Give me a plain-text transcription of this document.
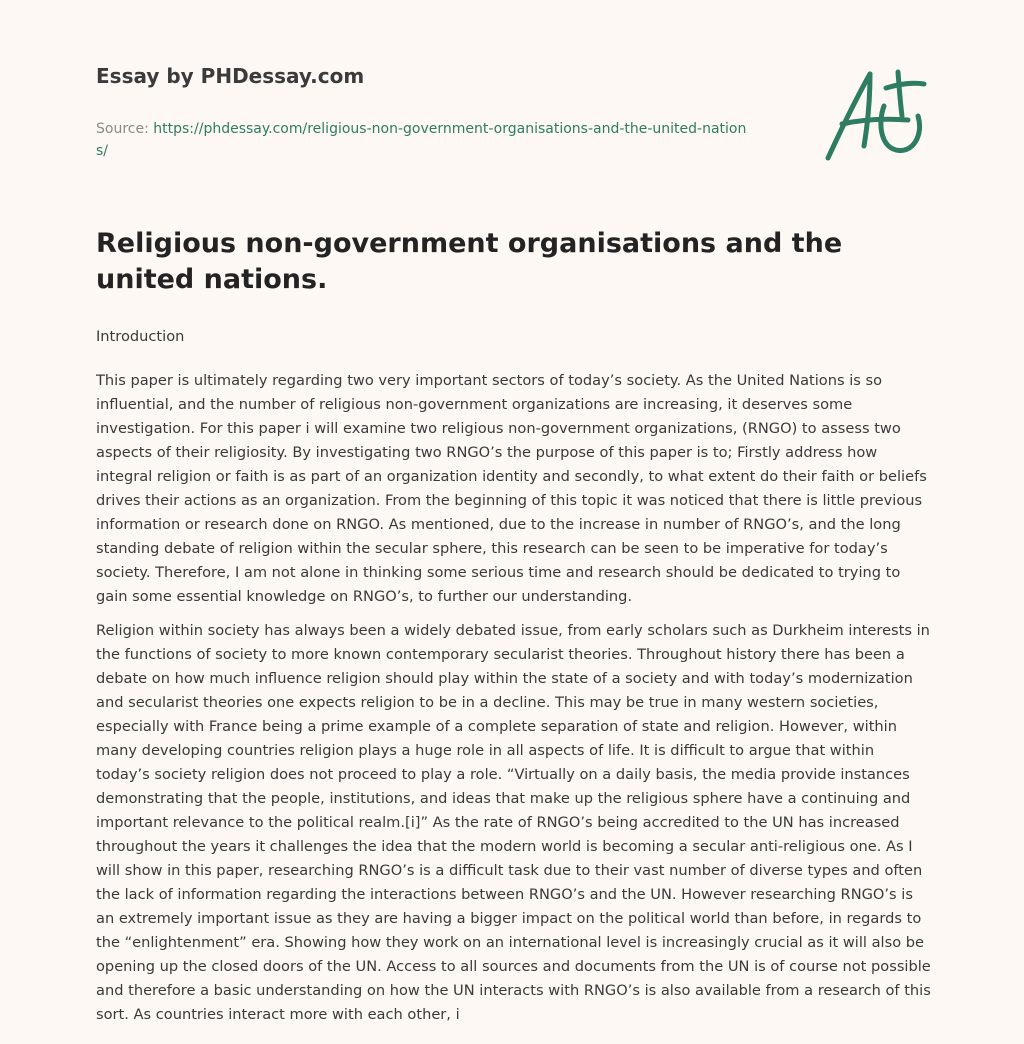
Essay by PHDessay.com
Source: https://phdessay.com/religious-non-government-organisations-and-the-united-nations/
Religious non-government organisations and the united nations.

Introduction

This paper is ultimately regarding two very important sectors of today’s society. As the United Nations is so influential, and the number of religious non-government organizations are increasing, it deserves some investigation. For this paper i will examine two religious non-government organizations, (RNGO) to assess two aspects of their religiosity. By investigating two RNGO’s the purpose of this paper is to; Firstly address how integral religion or faith is as part of an organization identity and secondly, to what extent do their faith or beliefs drives their actions as an organization. From the beginning of this topic it was noticed that there is little previous information or research done on RNGO. As mentioned, due to the increase in number of RNGO’s, and the long standing debate of religion within the secular sphere, this research can be seen to be imperative for today’s society. Therefore, I am not alone in thinking some serious time and research should be dedicated to trying to gain some essential knowledge on RNGO’s, to further our understanding.

Religion within society has always been a widely debated issue, from early scholars such as Durkheim interests in the functions of society to more known contemporary secularist theories. Throughout history there has been a debate on how much influence religion should play within the state of a society and with today’s modernization and secularist theories one expects religion to be in a decline. This may be true in many western societies, especially with France being a prime example of a complete separation of state and religion. However, within many developing countries religion plays a huge role in all aspects of life. It is difficult to argue that within today’s society religion does not proceed to play a role. “Virtually on a daily basis, the media provide instances demonstrating that the people, institutions, and ideas that make up the religious sphere have a continuing and important relevance to the political realm.[i]” As the rate of RNGO’s being accredited to the UN has increased throughout the years it challenges the idea that the modern world is becoming a secular anti-religious one. As I will show in this paper, researching RNGO’s is a difficult task due to their vast number of diverse types and often the lack of information regarding the interactions between RNGO’s and the UN. However researching RNGO’s is an extremely important issue as they are having a bigger impact on the political world than before, in regards to the “enlightenment” era. Showing how they work on an international level is increasingly crucial as it will also be opening up the closed doors of the UN. Access to all sources and documents from the UN is of course not possible and therefore a basic understanding on how the UN interacts with RNGO’s is also available from a research of this sort. As countries interact more with each other, i
